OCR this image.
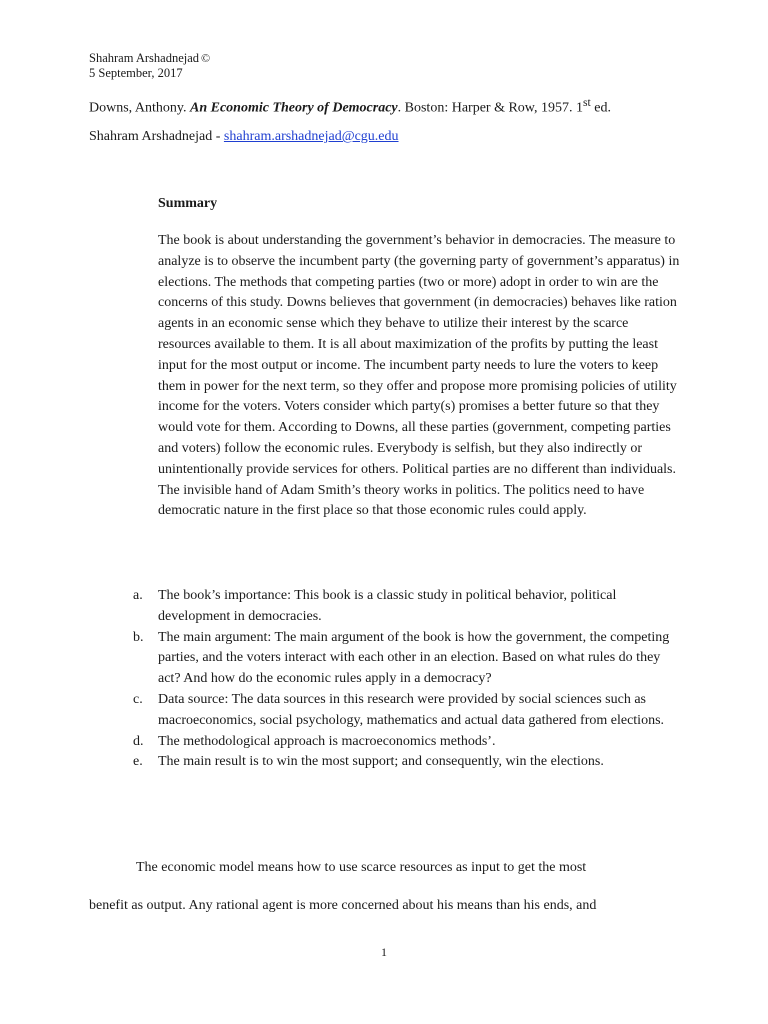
Shahram Arshadnejad ©
5 September, 2017
Downs, Anthony. An Economic Theory of Democracy. Boston: Harper & Row, 1957. 1st ed.
Shahram Arshadnejad - shahram.arshadnejad@cgu.edu
Summary

The book is about understanding the government’s behavior in democracies. The measure to analyze is to observe the incumbent party (the governing party of government’s apparatus) in elections. The methods that competing parties (two or more) adopt in order to win are the concerns of this study. Downs believes that government (in democracies) behaves like ration agents in an economic sense which they behave to utilize their interest by the scarce resources available to them. It is all about maximization of the profits by putting the least input for the most output or income. The incumbent party needs to lure the voters to keep them in power for the next term, so they offer and propose more promising policies of utility income for the voters. Voters consider which party(s) promises a better future so that they would vote for them. According to Downs, all these parties (government, competing parties and voters) follow the economic rules. Everybody is selfish, but they also indirectly or unintentionally provide services for others. Political parties are no different than individuals. The invisible hand of Adam Smith’s theory works in politics. The politics need to have democratic nature in the first place so that those economic rules could apply.

a. The book’s importance: This book is a classic study in political behavior, political development in democracies.
b. The main argument: The main argument of the book is how the government, the competing parties, and the voters interact with each other in an election. Based on what rules do they act? And how do the economic rules apply in a democracy?
c. Data source: The data sources in this research were provided by social sciences such as macroeconomics, social psychology, mathematics and actual data gathered from elections.
d. The methodological approach is macroeconomics methods’.
e. The main result is to win the most support; and consequently, win the elections.
The economic model means how to use scarce resources as input to get the most
benefit as output. Any rational agent is more concerned about his means than his ends, and
1
